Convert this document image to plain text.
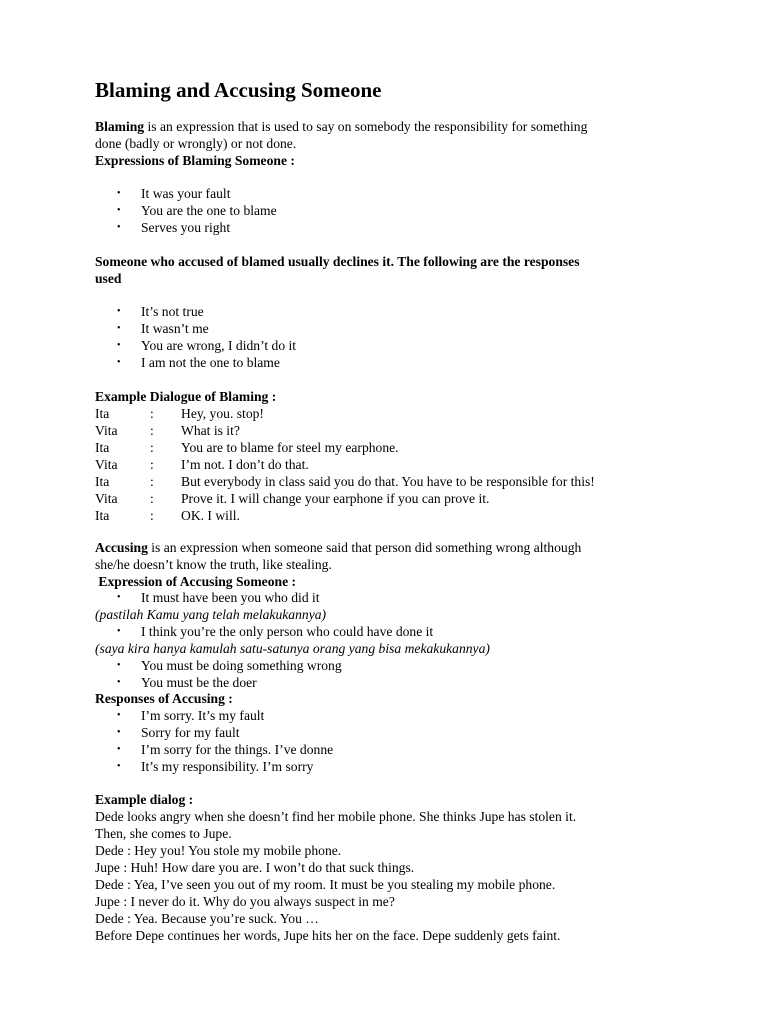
Blaming and Accusing Someone
Blaming is an expression that is used to say on somebody the responsibility for something
done (badly or wrongly) or not done.
Expressions of Blaming Someone :
• It was your fault
• You are the one to blame
• Serves you right
Someone who accused of blamed usually declines it. The following are the responses
used
• It’s not true
• It wasn’t me
• You are wrong, I didn’t do it
• I am not the one to blame
Example Dialogue of Blaming :
Ita	: Hey, you. stop!
Vita : What is it?
Ita	: You are to blame for steel my earphone.
Vita : I’m not. I don’t do that.
Ita	: But everybody in class said you do that. You have to be responsible for this!
Vita : Prove it. I will change your earphone if you can prove it.
Ita	: OK. I will.
Accusing is an expression when someone said that person did something wrong although
she/he doesn’t know the truth, like stealing.
Expression of Accusing Someone :
• It must have been you who did it
(pastilah Kamu yang telah melakukannya)
• I think you’re the only person who could have done it
(saya kira hanya kamulah satu-satunya orang yang bisa mekakukannya)
• You must be doing something wrong
• You must be the doer
Responses of Accusing :
• I’m sorry. It’s my fault
• Sorry for my fault
• I’m sorry for the things. I’ve donne
• It’s my responsibility. I’m sorry
Example dialog :
Dede looks angry when she doesn’t find her mobile phone. She thinks Jupe has stolen it.
Then, she comes to Jupe.
Dede : Hey you! You stole my mobile phone.
Jupe : Huh! How dare you are. I won’t do that suck things.
Dede : Yea, I’ve seen you out of my room. It must be you stealing my mobile phone.
Jupe : I never do it. Why do you always suspect in me?
Dede : Yea. Because you’re suck. You …
Before Depe continues her words, Jupe hits her on the face. Depe suddenly gets faint.
